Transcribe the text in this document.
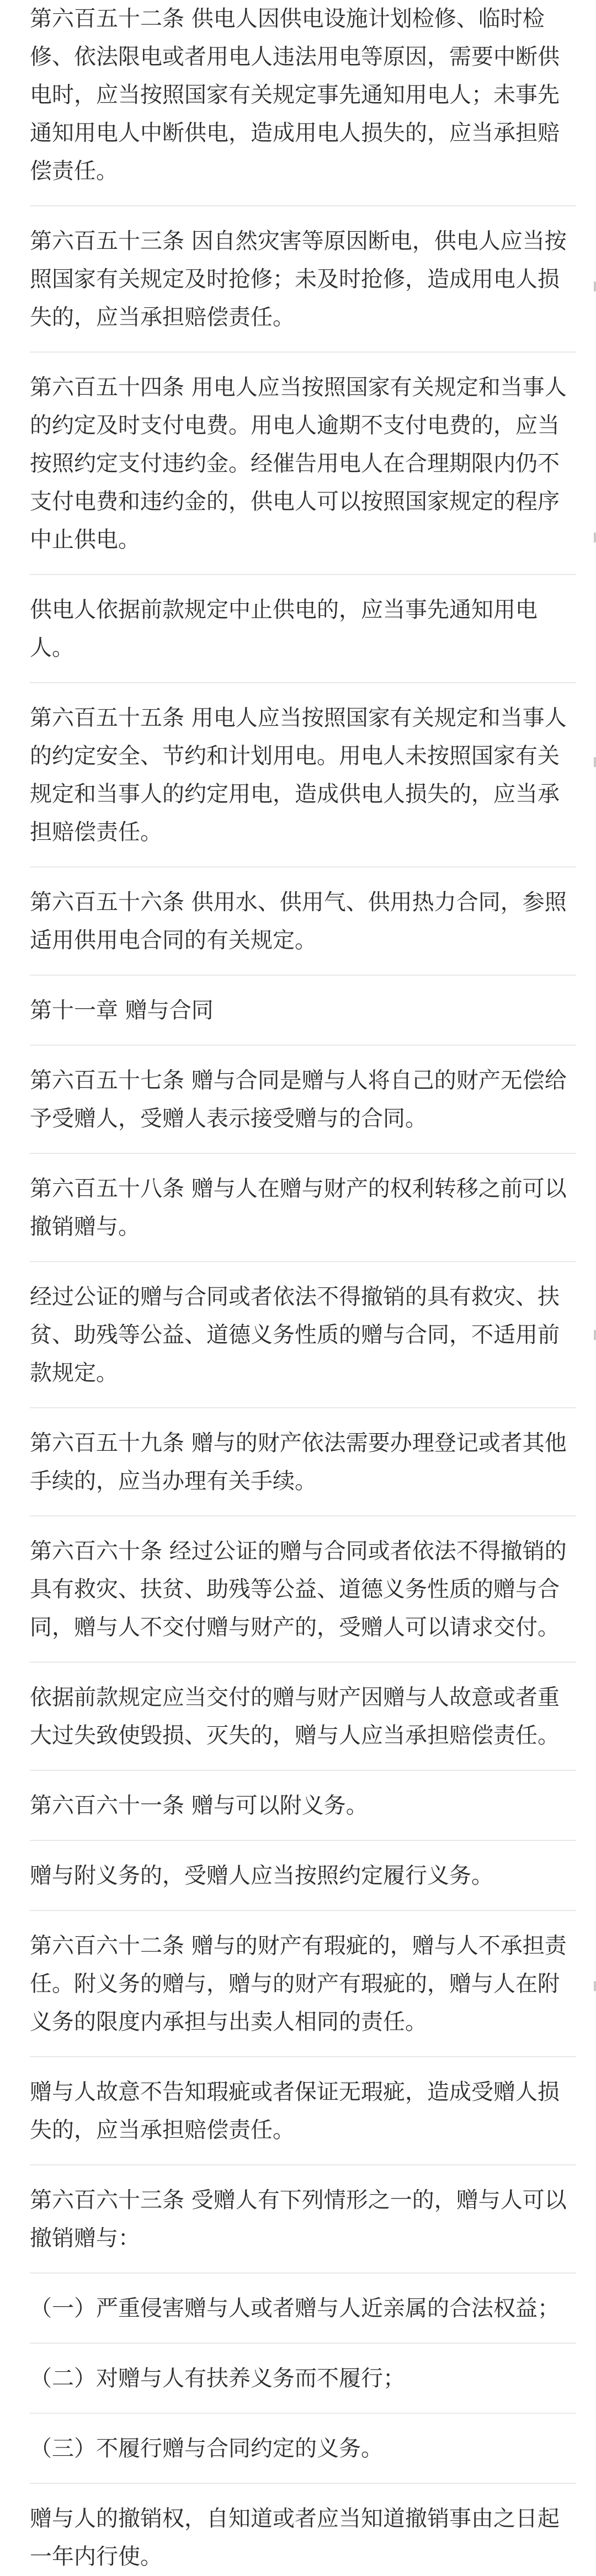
第六百五十二条 供电人因供电设施计划检修、临时检修、依法限电或者用电人违法用电等原因，需要中断供电时，应当按照国家有关规定事先通知用电人；未事先通知用电人中断供电，造成用电人损失的，应当承担赔偿责任。

第六百五十三条 因自然灾害等原因断电，供电人应当按照国家有关规定及时抢修；未及时抢修，造成用电人损失的，应当承担赔偿责任。

第六百五十四条 用电人应当按照国家有关规定和当事人的约定及时支付电费。用电人逾期不支付电费的，应当按照约定支付违约金。经催告用电人在合理期限内仍不支付电费和违约金的，供电人可以按照国家规定的程序中止供电。

供电人依据前款规定中止供电的，应当事先通知用电人。

第六百五十五条 用电人应当按照国家有关规定和当事人的约定安全、节约和计划用电。用电人未按照国家有关规定和当事人的约定用电，造成供电人损失的，应当承担赔偿责任。

第六百五十六条 供用水、供用气、供用热力合同，参照适用供用电合同的有关规定。

第十一章 赠与合同

第六百五十七条 赠与合同是赠与人将自己的财产无偿给予受赠人，受赠人表示接受赠与的合同。

第六百五十八条 赠与人在赠与财产的权利转移之前可以撤销赠与。

经过公证的赠与合同或者依法不得撤销的具有救灾、扶贫、助残等公益、道德义务性质的赠与合同，不适用前款规定。

第六百五十九条 赠与的财产依法需要办理登记或者其他手续的，应当办理有关手续。

第六百六十条 经过公证的赠与合同或者依法不得撤销的具有救灾、扶贫、助残等公益、道德义务性质的赠与合同，赠与人不交付赠与财产的，受赠人可以请求交付。

依据前款规定应当交付的赠与财产因赠与人故意或者重大过失致使毁损、灭失的，赠与人应当承担赔偿责任。

第六百六十一条 赠与可以附义务。

赠与附义务的，受赠人应当按照约定履行义务。

第六百六十二条 赠与的财产有瑕疵的，赠与人不承担责任。附义务的赠与，赠与的财产有瑕疵的，赠与人在附义务的限度内承担与出卖人相同的责任。

赠与人故意不告知瑕疵或者保证无瑕疵，造成受赠人损失的，应当承担赔偿责任。

第六百六十三条 受赠人有下列情形之一的，赠与人可以撤销赠与：

（一）严重侵害赠与人或者赠与人近亲属的合法权益；

（二）对赠与人有扶养义务而不履行；

（三）不履行赠与合同约定的义务。

赠与人的撤销权，自知道或者应当知道撤销事由之日起一年内行使。
